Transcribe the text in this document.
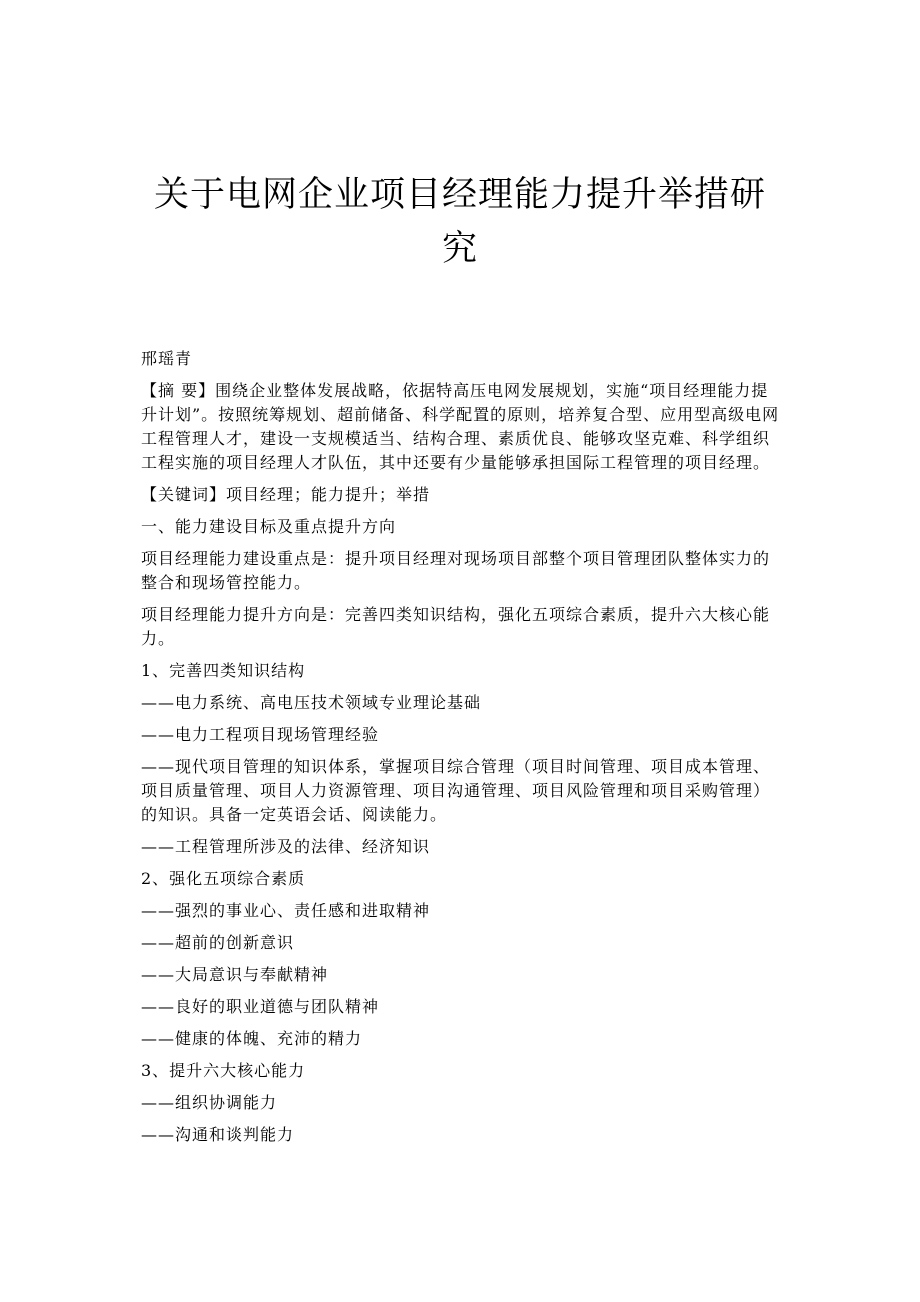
关于电网企业项目经理能力提升举措研
究

邢瑶青

【摘 要】围绕企业整体发展战略，依据特高压电网发展规划，实施“项目经理能力提升计划”。按照统筹规划、超前储备、科学配置的原则，培养复合型、应用型高级电网工程管理人才，建设一支规模适当、结构合理、素质优良、能够攻坚克难、科学组织工程实施的项目经理人才队伍，其中还要有少量能够承担国际工程管理的项目经理。

【关键词】项目经理；能力提升；举措

一、能力建设目标及重点提升方向

项目经理能力建设重点是：提升项目经理对现场项目部整个项目管理团队整体实力的整合和现场管控能力。

项目经理能力提升方向是：完善四类知识结构，强化五项综合素质，提升六大核心能力。

1、完善四类知识结构

——电力系统、高电压技术领域专业理论基础

——电力工程项目现场管理经验

——现代项目管理的知识体系，掌握项目综合管理（项目时间管理、项目成本管理、项目质量管理、项目人力资源管理、项目沟通管理、项目风险管理和项目采购管理）的知识。具备一定英语会话、阅读能力。

——工程管理所涉及的法律、经济知识

2、强化五项综合素质

——强烈的事业心、责任感和进取精神

——超前的创新意识

——大局意识与奉献精神

——良好的职业道德与团队精神

——健康的体魄、充沛的精力

3、提升六大核心能力

——组织协调能力

——沟通和谈判能力
